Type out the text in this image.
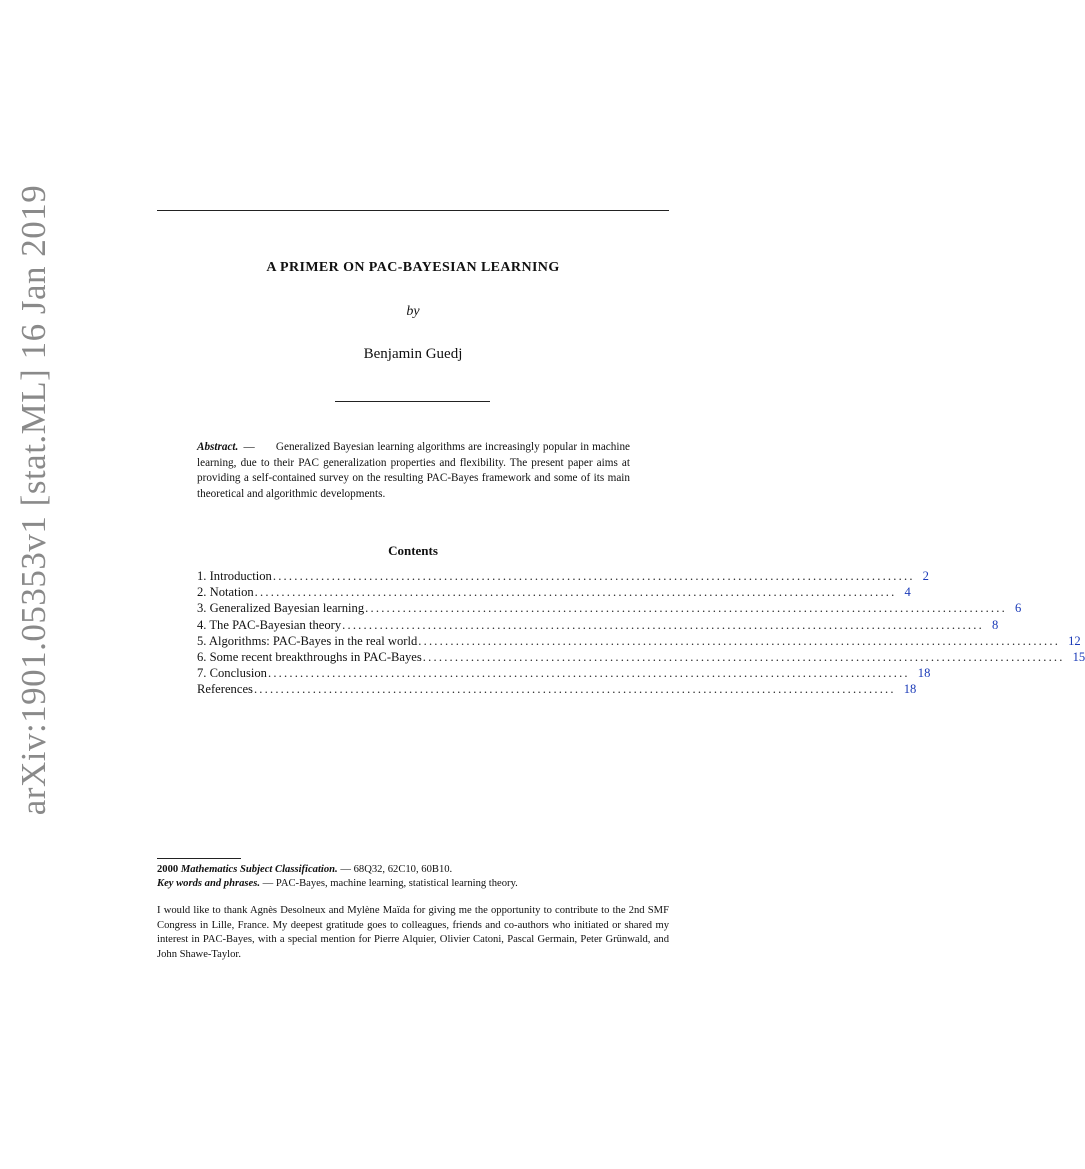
arXiv:1901.05353v1 [stat.ML] 16 Jan 2019	A PRIMER ON PAC-BAYESIAN LEARNING
by
Benjamin Guedj
Abstract. — Generalized Bayesian learning algorithms are increasingly popular in machine learning, due to their PAC generalization properties and flexibility. The present paper aims at providing a self-contained survey on the resulting PAC-Bayes framework and some of its main theoretical and algorithmic developments.
Contents
1. Introduction ........................................................................................................................ 2
2. Notation ........................................................................................................................ 4
3. Generalized Bayesian learning ........................................................................................................................ 6
4. The PAC-Bayesian theory ........................................................................................................................ 8
5. Algorithms: PAC-Bayes in the real world ........................................................................................................................ 12
6. Some recent breakthroughs in PAC-Bayes ........................................................................................................................ 15
7. Conclusion ........................................................................................................................ 18
References ........................................................................................................................ 18
2000 Mathematics Subject Classification. — 68Q32, 62C10, 60B10.
Key words and phrases. — PAC-Bayes, machine learning, statistical learning theory.
I would like to thank Agnès Desolneux and Mylène Maïda for giving me the opportunity to contribute to the 2nd SMF Congress in Lille, France. My deepest gratitude goes to colleagues, friends and co-authors who initiated or shared my interest in PAC-Bayes, with a special mention for Pierre Alquier, Olivier Catoni, Pascal Germain, Peter Grünwald, and John Shawe-Taylor.
